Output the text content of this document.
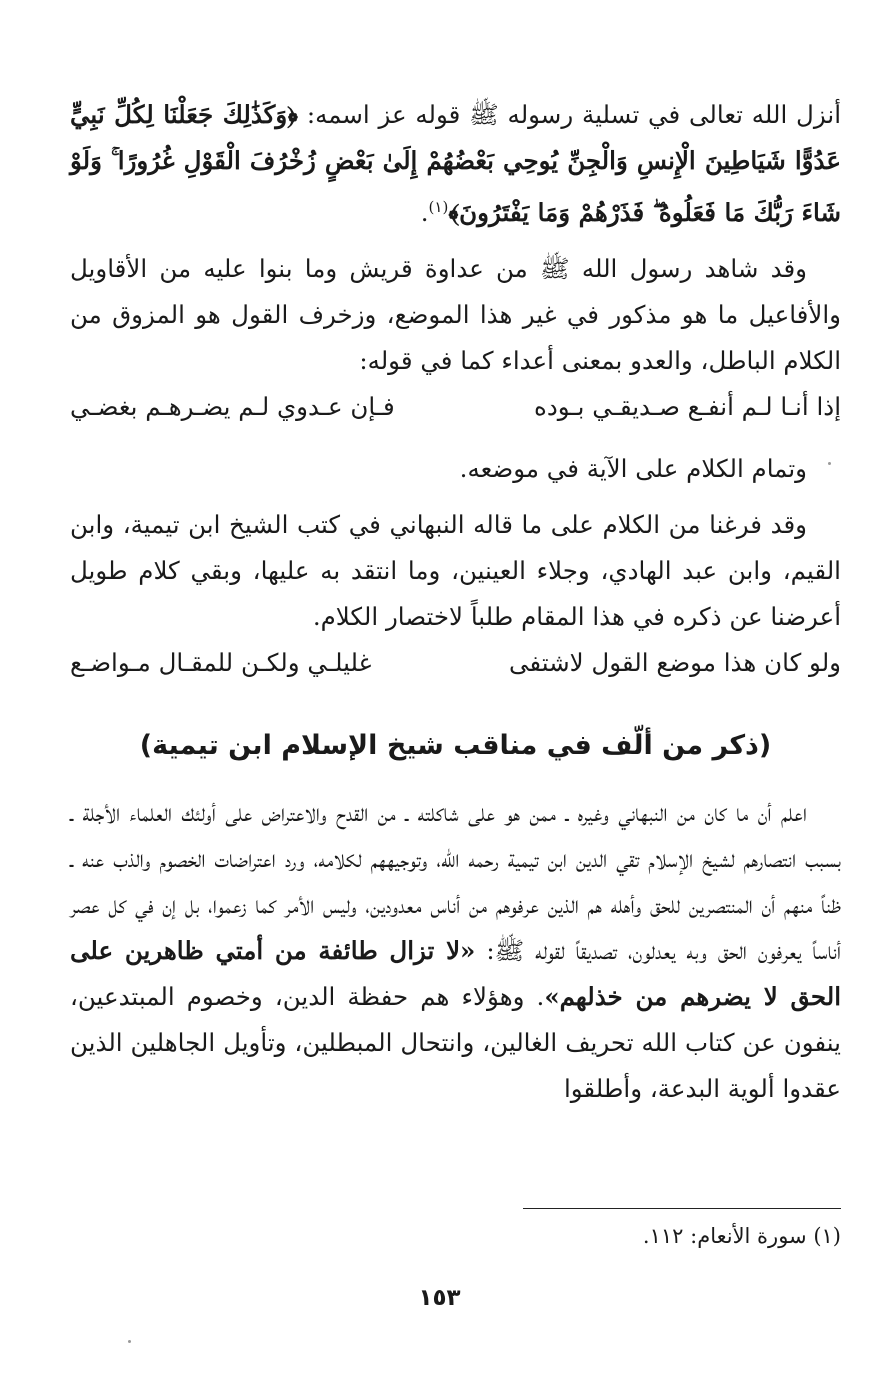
أنزل الله تعالى في تسلية رسوله ﷺ قوله عز اسمه: ﴿وَكَذَٰلِكَ جَعَلْنَا لِكُلِّ نَبِيٍّ عَدُوًّا شَيَاطِينَ الْإِنسِ وَالْجِنِّ يُوحِي بَعْضُهُمْ إِلَىٰ بَعْضٍ زُخْرُفَ الْقَوْلِ غُرُورًا ۚ وَلَوْ شَاءَ رَبُّكَ مَا فَعَلُوهُ ۖ فَذَرْهُمْ وَمَا يَفْتَرُونَ﴾$^{(١)}$.

وقد شاهد رسول الله ﷺ من عداوة قريش وما بنوا عليه من الأقاويل والأفاعيل ما هو مذكور في غير هذا الموضع، وزخرف القول هو المزوق من الكلام الباطل، والعدو بمعنى أعداء كما في قوله:

إذا أنـا لـم أنفـع صـديقـي بـوده
فـإن عـدوي لـم يضـرهـم بغضـي

وتمام الكلام على الآية في موضعه.

وقد فرغنا من الكلام على ما قاله النبهاني في كتب الشيخ ابن تيمية، وابن القيم، وابن عبد الهادي، وجلاء العينين، وما انتقد به عليها، وبقي كلام طويل أعرضنا عن ذكره في هذا المقام طلباً لاختصار الكلام.

ولو كان هذا موضع القول لاشتفى
غليلـي ولكـن للمقـال مـواضـع
(ذكر من ألّف في مناقب شيخ الإسلام ابن تيمية)

اعلم أن ما كان من النبهاني وغيره ـ ممن هو على شاكلته ـ من القدح والاعتراض على أولئك العلماء الأجلة ـ بسبب انتصارهم لشيخ الإسلام تقي الدين ابن تيمية رحمه الله، وتوجيههم لكلامه، ورد اعتراضات الخصوم والذب عنه ـ ظناً منهم أن المنتصرين للحق وأهله هم الذين عرفوهم من أناس معدودين، وليس الأمر كما زعموا، بل إن في كل عصر أناساً يعرفون الحق وبه يعدلون، تصديقاً لقوله ﷺ: «لا تزال طائفة من أمتي ظاهرين على الحق لا يضرهم من خذلهم». وهؤلاء هم حفظة الدين، وخصوم المبتدعين، ينفون عن كتاب الله تحريف الغالين، وانتحال المبطلين، وتأويل الجاهلين الذين عقدوا ألوية البدعة، وأطلقوا

(١) سورة الأنعام: ١١٢.
١٥٣
